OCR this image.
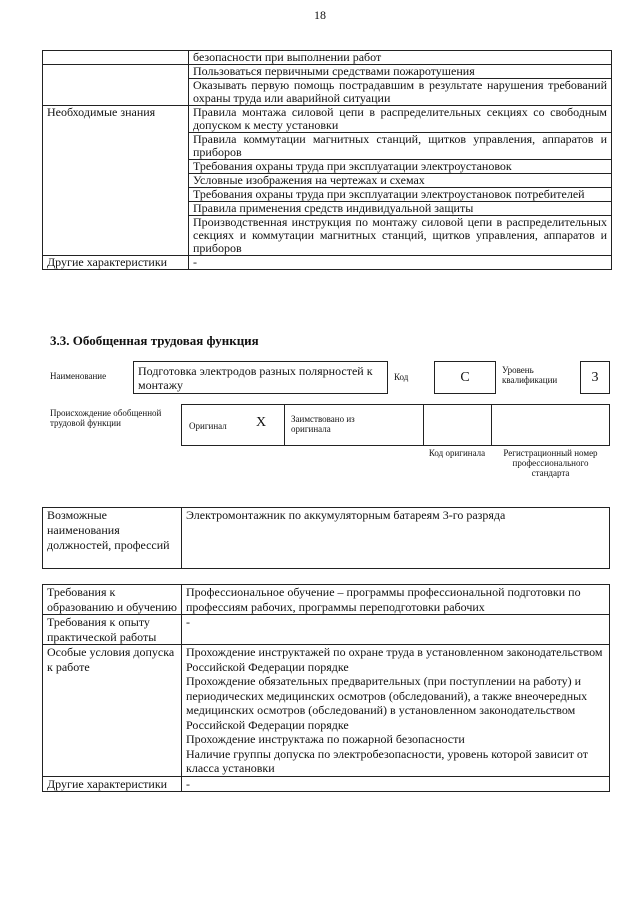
18
	безопасности при выполнении работ
	Пользоваться первичными средствами пожаротушения
	Оказывать первую помощь пострадавшим в результате нарушения требований охраны труда или аварийной ситуации
Необходимые знания	Правила монтажа силовой цепи в распределительных секциях со свободным допуском к месту установки
	Правила коммутации магнитных станций, щитков управления, аппаратов и приборов
	Требования охраны труда при эксплуатации электроустановок
	Условные изображения на чертежах и схемах
	Требования охраны труда при эксплуатации электроустановок потребителей
	Правила применения средств индивидуальной защиты
	Производственная инструкция по монтажу силовой цепи в распределительных секциях и коммутации магнитных станций, щитков управления, аппаратов и приборов
Другие характеристики	-
3.3. Обобщенная трудовая функция
Наименование	Подготовка электродов разных полярностей к монтажу
Код	С	Уровень квалификации	3
Происхождение обобщенной трудовой функции	Оригинал X	Заимствовано из оригинала
Код оригинала	Регистрационный номер профессионального стандарта
Возможные наименования должностей, профессий	Электромонтажник по аккумуляторным батареям 3-го разряда
Требования к образованию и обучению	Профессиональное обучение – программы профессиональной подготовки по профессиям рабочих, программы переподготовки рабочих
Требования к опыту практической работы	-
Особые условия допуска к работе	Прохождение инструктажей по охране труда в установленном законодательством Российской Федерации порядке
Прохождение обязательных предварительных (при поступлении на работу) и периодических медицинских осмотров (обследований), а также внеочередных медицинских осмотров (обследований) в установленном законодательством Российской Федерации порядке
Прохождение инструктажа по пожарной безопасности
Наличие группы допуска по электробезопасности, уровень которой зависит от класса установки

Другие характеристики	-
